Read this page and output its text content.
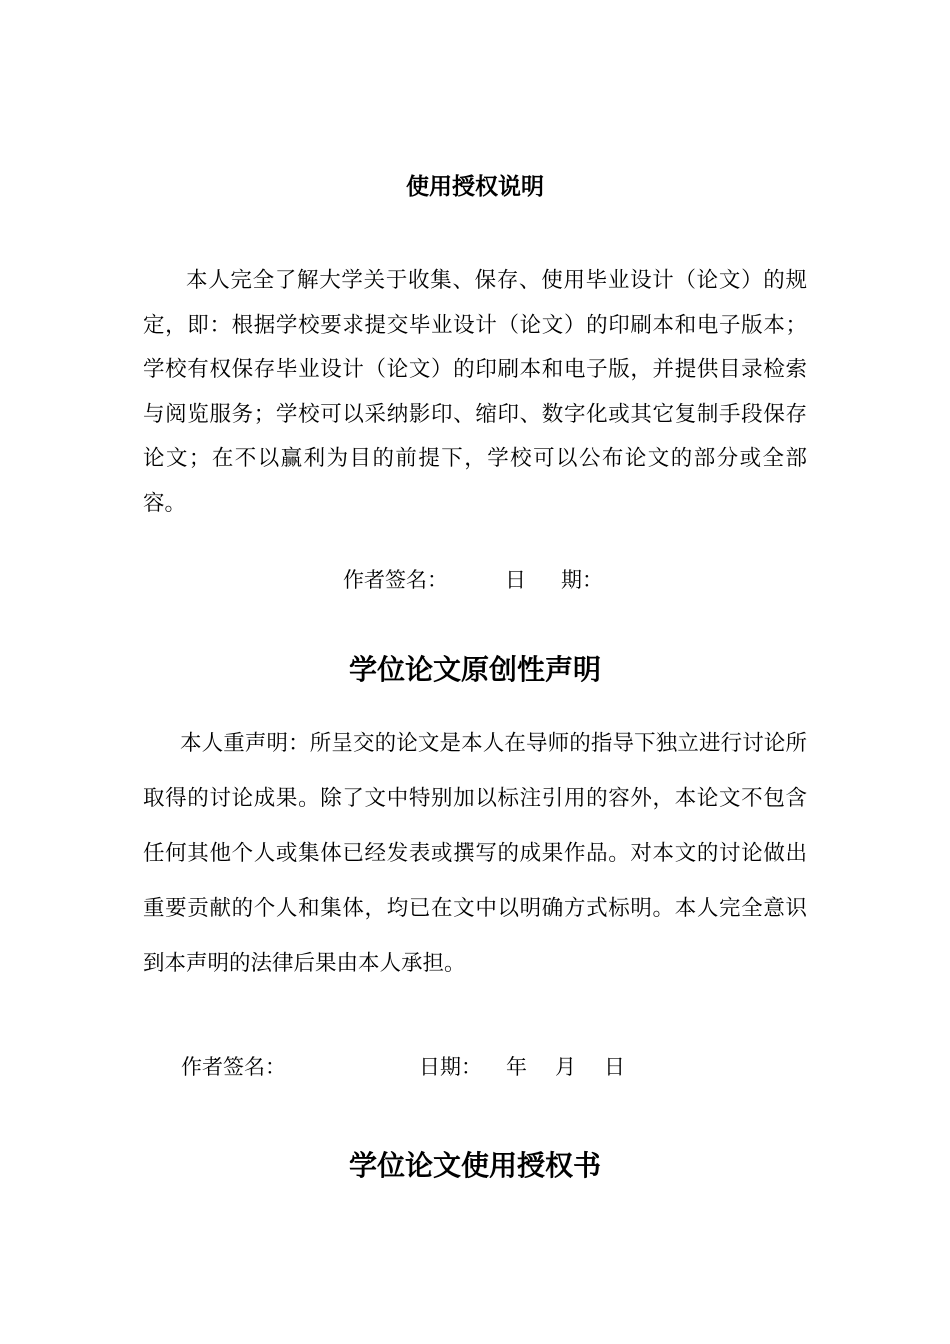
使用授权说明

本人完全了解大学关于收集、保存、使用毕业设计（论文）的规定，即：根据学校要求提交毕业设计（论文）的印刷本和电子版本；学校有权保存毕业设计（论文）的印刷本和电子版，并提供目录检索与阅览服务；学校可以采纳影印、缩印、数字化或其它复制手段保存论文；在不以赢利为目的前提下，学校可以公布论文的部分或全部容。

作者签名：	日 期：
学位论文原创性声明

本人重声明：所呈交的论文是本人在导师的指导下独立进行讨论所取得的讨论成果。除了文中特别加以标注引用的容外，本论文不包含任何其他个人或集体已经发表或撰写的成果作品。对本文的讨论做出重要贡献的个人和集体，均已在文中以明确方式标明。本人完全意识到本声明的法律后果由本人承担。

作者签名：	日期： 年 月 日
学位论文使用授权书
